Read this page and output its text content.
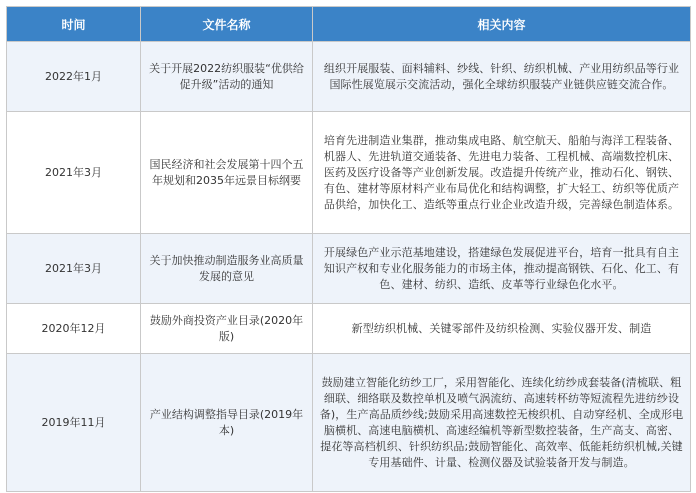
时间	文件名称	相关内容
2022年1月	关于开展2022纺织服装“优供给促升级”活动的通知	组织开展服装、面料辅料、纱线、针织、纺织机械、产业用纺织品等行业国际性展览展示交流活动，强化全球纺织服装产业链供应链交流合作。
2021年3月	国民经济和社会发展第十四个五年规划和2035年远景目标纲要	培育先进制造业集群，推动集成电路、航空航天、船舶与海洋工程装备、机器人、先进轨道交通装备、先进电力装备、工程机械、高端数控机床、医药及医疗设备等产业创新发展。改造提升传统产业，推动石化、钢铁、有色、建材等原材料产业布局优化和结构调整，扩大轻工、纺织等优质产品供给，加快化工、造纸等重点行业企业改造升级，完善绿色制造体系。
2021年3月	关于加快推动制造服务业高质量发展的意见	开展绿色产业示范基地建设，搭建绿色发展促进平台，培育一批具有自主知识产权和专业化服务能力的市场主体，推动提高钢铁、石化、化工、有色、建材、纺织、造纸、皮革等行业绿色化水平。
2020年12月	鼓励外商投资产业目录(2020年版)	新型纺织机械、关键零部件及纺织检测、实验仪器开发、制造
2019年11月	产业结构调整指导目录(2019年本)	鼓励建立智能化纺纱工厂，采用智能化、连续化纺纱成套装备(清梳联、粗细联、细络联及数控单机及喷气涡流纺、高速转杯纺等短流程先进纺纱设备)，生产高品质纱线;鼓励采用高速数控无梭织机、自动穿经机、全成形电脑横机、高速电脑横机、高速经编机等新型数控装备，生产高支、高密、提花等高档机织、针织纺织品;鼓励智能化、高效率、低能耗纺织机械,关键专用基础件、计量、检测仪器及试验装备开发与制造。
